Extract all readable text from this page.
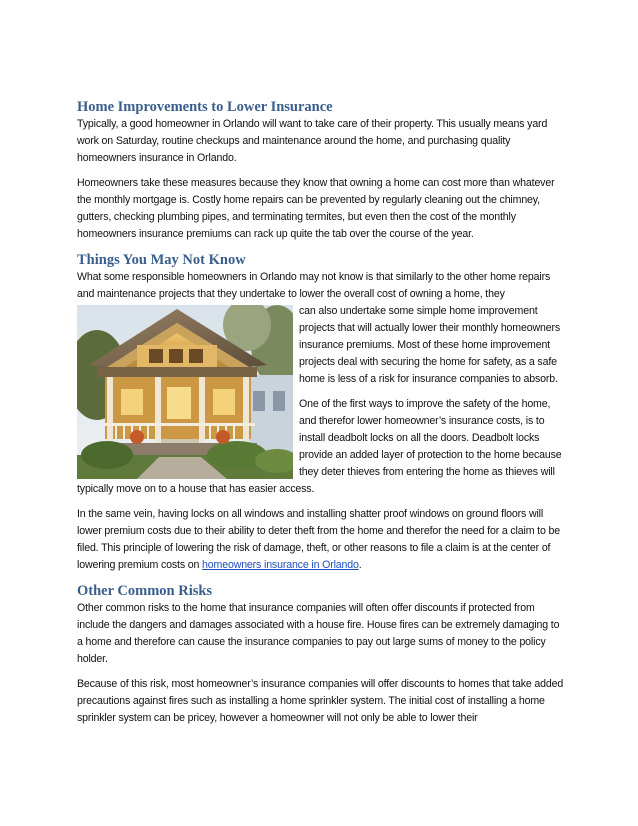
Home Improvements to Lower Insurance

Typically, a good homeowner in Orlando will want to take care of their property. This usually means yard work on Saturday, routine checkups and maintenance around the home, and purchasing quality homeowners insurance in Orlando.

Homeowners take these measures because they know that owning a home can cost more than whatever the monthly mortgage is. Costly home repairs can be prevented by regularly cleaning out the chimney, gutters, checking plumbing pipes, and terminating termites, but even then the cost of the monthly homeowners insurance premiums can rack up quite the tab over the course of the year.

Things You May Not Know
What some responsible homeowners in Orlando may not know is that similarly to the other home repairs and maintenance projects that they undertake to lower the overall cost of owning a home, they

can also undertake some simple home improvement projects that will actually lower their monthly homeowners insurance premiums. Most of these home improvement projects deal with securing the home for safety, as a safe home is less of a risk for insurance companies to absorb.

One of the first ways to improve the safety of the home, and therefor lower homeowner’s insurance costs, is to install deadbolt locks on all the doors. Deadbolt locks provide an added layer of protection to the home because they deter thieves from entering the home as thieves will typically move on to a house that has easier access.

In the same vein, having locks on all windows and installing shatter proof windows on ground floors will lower premium costs due to their ability to deter theft from the home and therefor the need for a claim to be filed. This principle of lowering the risk of damage, theft, or other reasons to file a claim is at the center of lowering premium costs on homeowners insurance in Orlando.

Other Common Risks

Other common risks to the home that insurance companies will often offer discounts if protected from include the dangers and damages associated with a house fire. House fires can be extremely damaging to a home and therefore can cause the insurance companies to pay out large sums of money to the policy holder.

Because of this risk, most homeowner’s insurance companies will offer discounts to homes that take added precautions against fires such as installing a home sprinkler system. The initial cost of installing a home sprinkler system can be pricey, however a homeowner will not only be able to lower their
